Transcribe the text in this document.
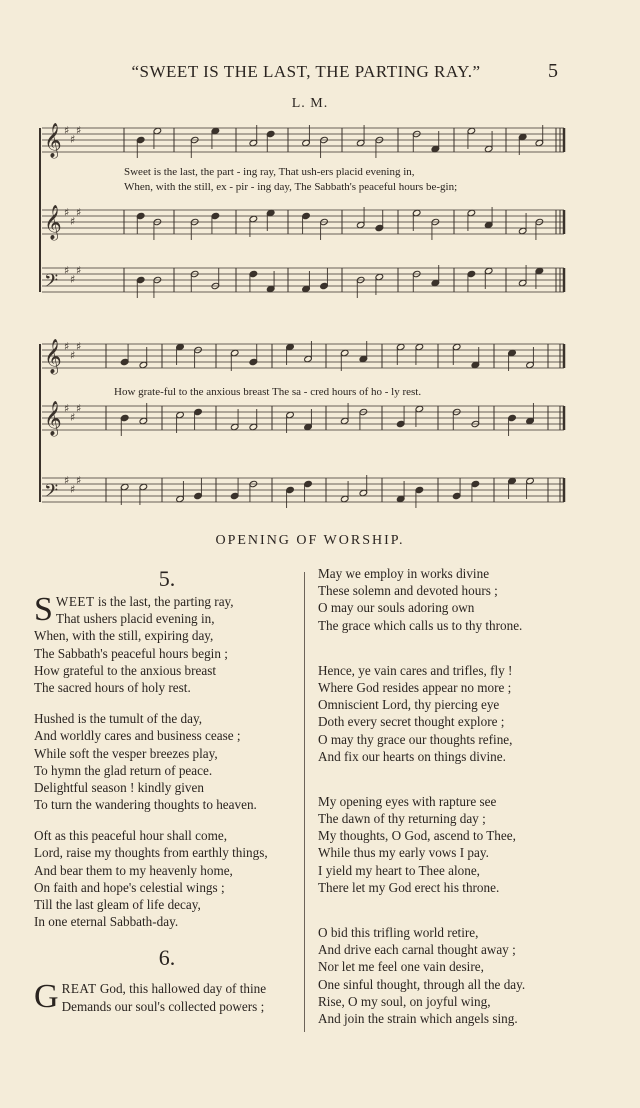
“SWEET IS THE LAST, THE PARTING RAY.”	5
L. M.
𝄞 ♯
♯
♯
𝄞 ♯
♯
♯
𝄢
♯
♯
♯
Sweet is the last, the part - ing ray, That ush-ers placid evening in,
When, with the still, ex - pir - ing day, The Sabbath's peaceful hours be-gin;
𝄞 ♯
♯
♯
𝄞 ♯
♯
♯
𝄢
♯
♯
♯
How grate-ful to the anxious breast The sa - cred hours of ho - ly rest.
OPENING OF WORSHIP.
5.
S WEET is the last, the parting ray,
That ushers placid evening in,
When, with the still, expiring day,
The Sabbath's peaceful hours begin ;
How grateful to the anxious breast
The sacred hours of holy rest.
Hushed is the tumult of the day,
And worldly cares and business cease ;
While soft the vesper breezes play,
To hymn the glad return of peace.
Delightful season ! kindly given
To turn the wandering thoughts to heaven.
Oft as this peaceful hour shall come,
Lord, raise my thoughts from earthly things,
And bear them to my heavenly home,
On faith and hope's celestial wings ;
Till the last gleam of life decay,
In one eternal Sabbath-day.
6.
G REAT God, this hallowed day of thine
Demands our soul's collected powers ;
May we employ in works divine
These solemn and devoted hours ;
O may our souls adoring own
The grace which calls us to thy throne.
Hence, ye vain cares and trifles, fly !
Where God resides appear no more ;
Omniscient Lord, thy piercing eye
Doth every secret thought explore ;
O may thy grace our thoughts refine,
And fix our hearts on things divine.
My opening eyes with rapture see
The dawn of thy returning day ;
My thoughts, O God, ascend to Thee,
While thus my early vows I pay.
I yield my heart to Thee alone,
There let my God erect his throne.
O bid this trifling world retire,
And drive each carnal thought away ;
Nor let me feel one vain desire,
One sinful thought, through all the day.
Rise, O my soul, on joyful wing,
And join the strain which angels sing.
